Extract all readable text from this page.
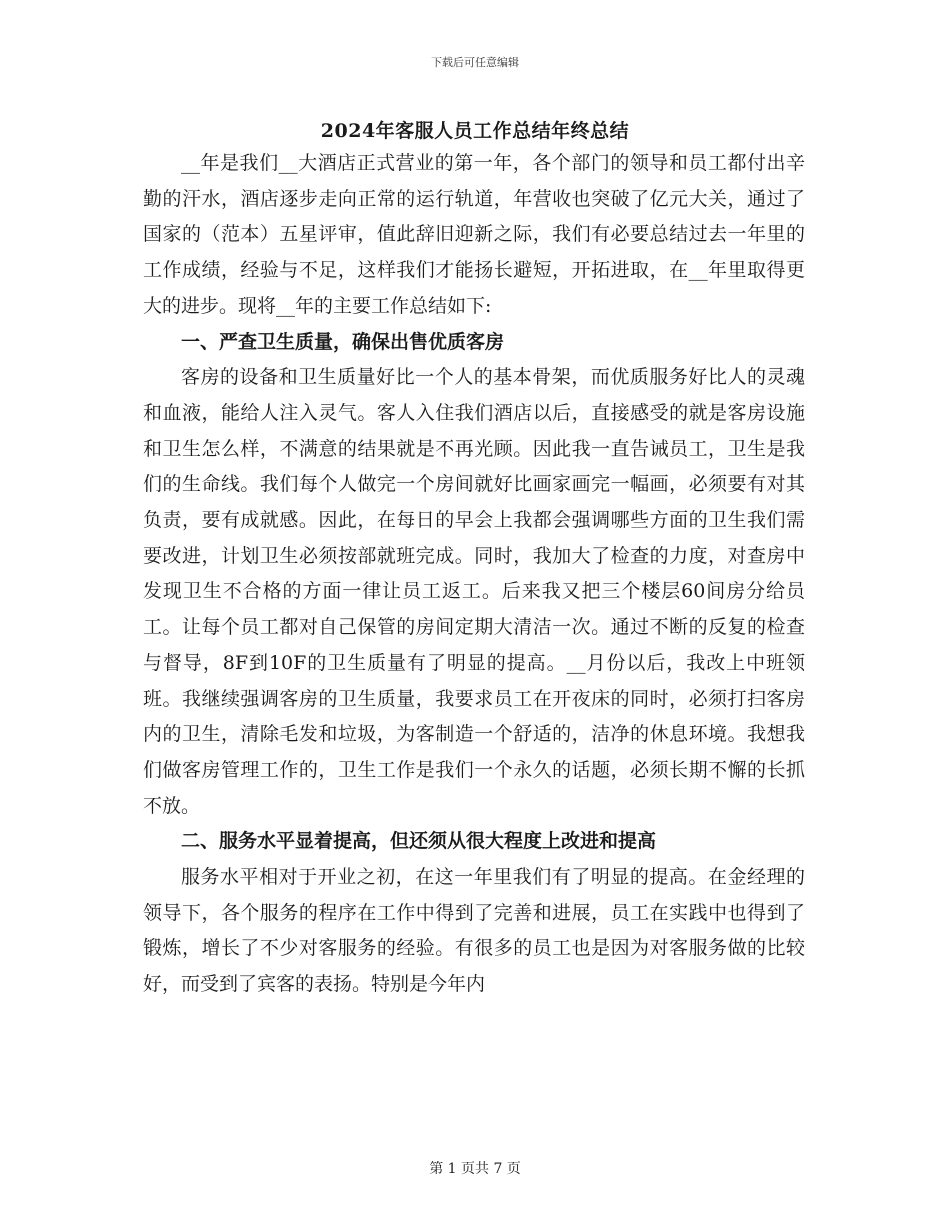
下载后可任意编辑
2024年客服人员工作总结年终总结

__年是我们__大酒店正式营业的第一年，各个部门的领导和员工都付出辛勤的汗水，酒店逐步走向正常的运行轨道，年营收也突破了亿元大关，通过了国家的（范本）五星评审，值此辞旧迎新之际，我们有必要总结过去一年里的工作成绩，经验与不足，这样我们才能扬长避短，开拓进取，在__年里取得更大的进步。现将__年的主要工作总结如下:

一、严查卫生质量，确保出售优质客房

客房的设备和卫生质量好比一个人的基本骨架，而优质服务好比人的灵魂和血液，能给人注入灵气。客人入住我们酒店以后，直接感受的就是客房设施和卫生怎么样，不满意的结果就是不再光顾。因此我一直告诫员工，卫生是我们的生命线。我们每个人做完一个房间就好比画家画完一幅画，必须要有对其负责，要有成就感。因此，在每日的早会上我都会强调哪些方面的卫生我们需要改进，计划卫生必须按部就班完成。同时，我加大了检查的力度，对查房中发现卫生不合格的方面一律让员工返工。后来我又把三个楼层60间房分给员工。让每个员工都对自己保管的房间定期大清洁一次。通过不断的反复的检查与督导，8F到10F的卫生质量有了明显的提高。__月份以后，我改上中班领班。我继续强调客房的卫生质量，我要求员工在开夜床的同时，必须打扫客房内的卫生，清除毛发和垃圾，为客制造一个舒适的，洁净的休息环境。我想我们做客房管理工作的，卫生工作是我们一个永久的话题，必须长期不懈的长抓不放。

二、服务水平显着提高，但还须从很大程度上改进和提高

服务水平相对于开业之初，在这一年里我们有了明显的提高。在金经理的领导下，各个服务的程序在工作中得到了完善和进展，员工在实践中也得到了锻炼，增长了不少对客服务的经验。有很多的员工也是因为对客服务做的比较好，而受到了宾客的表扬。特别是今年内

第 1 页共 7 页
